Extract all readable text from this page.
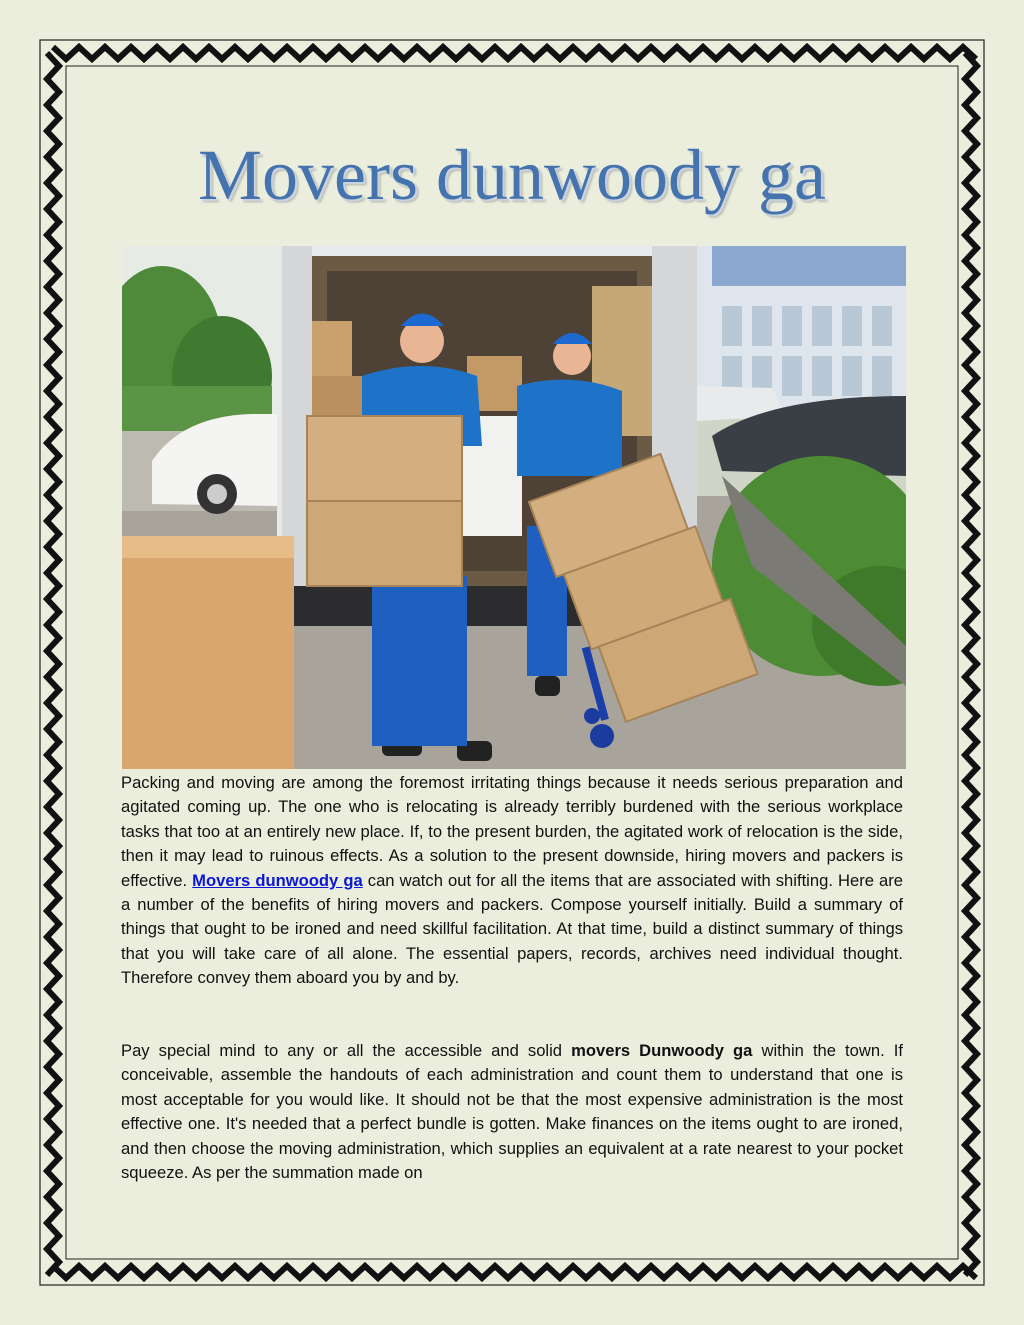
Movers dunwoody ga
Packing and moving are among the foremost irritating things because it needs serious preparation and agitated coming up. The one who is relocating is already terribly burdened with the serious workplace tasks that too at an entirely new place. If, to the present burden, the agitated work of relocation is the side, then it may lead to ruinous effects. As a solution to the present downside, hiring movers and packers is effective. Movers dunwoody ga can watch out for all the items that are associated with shifting. Here are a number of the benefits of hiring movers and packers. Compose yourself initially. Build a summary of things that ought to be ironed and need skillful facilitation. At that time, build a distinct summary of things that you will take care of all alone. The essential papers, records, archives need individual thought. Therefore convey them aboard you by and by.
Pay special mind to any or all the accessible and solid movers Dunwoody ga within the town. If conceivable, assemble the handouts of each administration and count them to understand that one is most acceptable for you would like. It should not be that the most expensive administration is the most effective one. It's needed that a perfect bundle is gotten. Make finances on the items ought to are ironed, and then choose the moving administration, which supplies an equivalent at a rate nearest to your pocket squeeze. As per the summation made on
